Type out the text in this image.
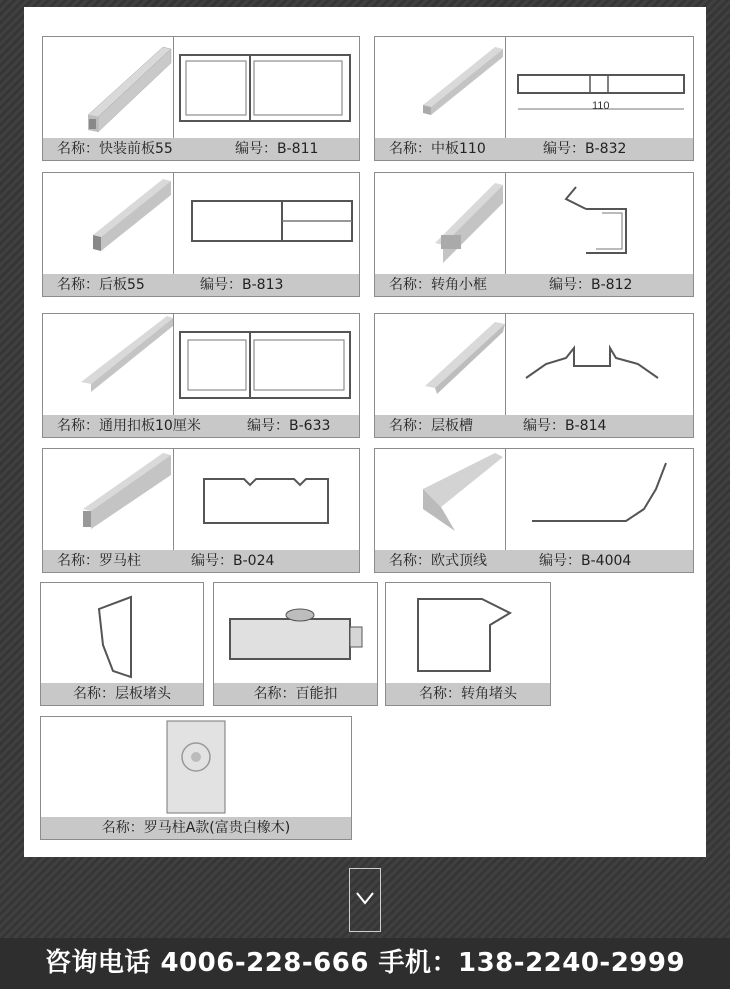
名称：快装前板55	编号：B-811
110
名称：中板110	编号：B-832
名称：后板55	编号：B-813	名称：转角小框	编号：B-812
名称：通用扣板10厘米	编号：B-633	名称：层板槽	编号：B-814
名称：罗马柱	编号：B-024	名称：欧式顶线	编号：B-4004
名称：层板堵头	名称：百能扣	名称：转角堵头
名称：罗马柱A款(富贵白橡木)
咨询电话 4006-228-666 手机：138-2240-2999
